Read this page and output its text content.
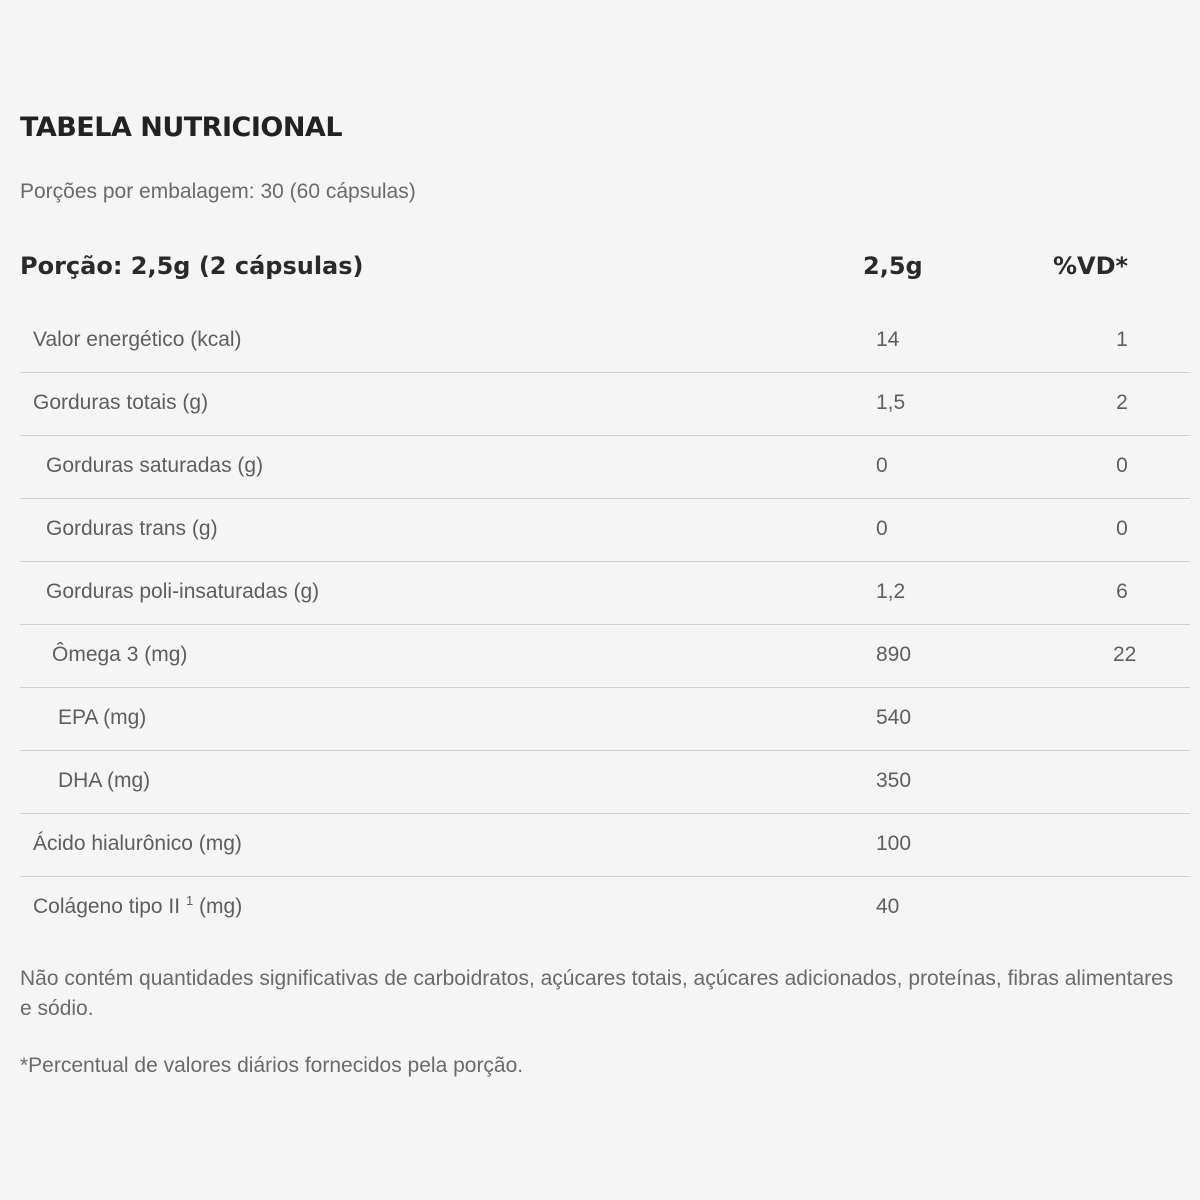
TABELA NUTRICIONAL
Porções por embalagem: 30 (60 cápsulas)
Porção: 2,5g (2 cápsulas)	2,5g	%VD*
Valor energético (kcal)	14	1
Gorduras totais (g)	1,5	2
Gorduras saturadas (g)	0	0
Gorduras trans (g)	0	0
Gorduras poli-insaturadas (g)	1,2	6
Ômega 3 (mg)	890	22
EPA (mg)	540
DHA (mg)	350
Ácido hialurônico (mg)	100
Colágeno tipo II $^1$ (mg)	40

Não contém quantidades significativas de carboidratos, açúcares totais, açúcares adicionados, proteínas, fibras alimentares e sódio.

*Percentual de valores diários fornecidos pela porção.
